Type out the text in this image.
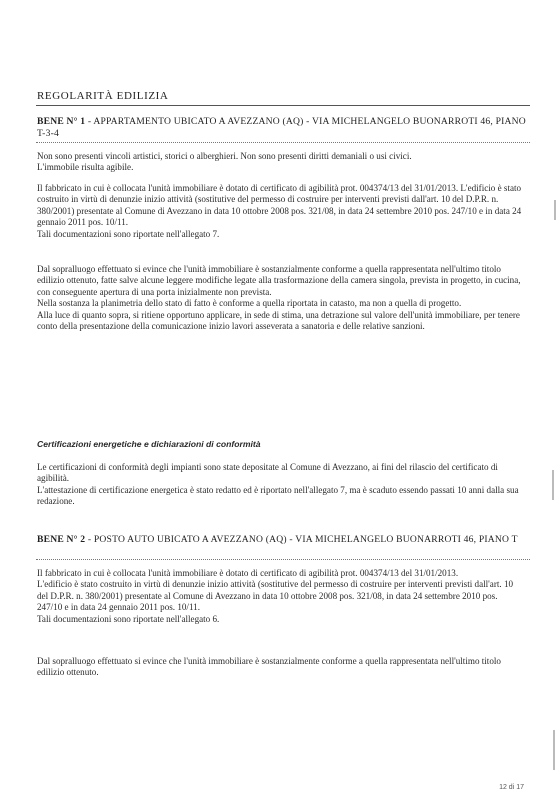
REGOLARITÀ EDILIZIA
BENE N° 1 - APPARTAMENTO UBICATO A AVEZZANO (AQ) - VIA MICHELANGELO BUONARROTI 46, PIANO T-3-4

Non sono presenti vincoli artistici, storici o alberghieri. Non sono presenti diritti demaniali o usi civici.

L'immobile risulta agibile.

Il fabbricato in cui è collocata l'unità immobiliare è dotato di certificato di agibilità prot. 004374/13 del 31/01/2013. L'edificio è stato costruito in virtù di denunzie inizio attività (sostitutive del permesso di costruire per interventi previsti dall'art. 10 del D.P.R. n. 380/2001) presentate al Comune di Avezzano in data 10 ottobre 2008 pos. 321/08, in data 24 settembre 2010 pos. 247/10 e in data 24 gennaio 2011 pos. 10/11.

Tali documentazioni sono riportate nell'allegato 7.

Dal sopralluogo effettuato si evince che l'unità immobiliare è sostanzialmente conforme a quella rappresentata nell'ultimo titolo edilizio ottenuto, fatte salve alcune leggere modifiche legate alla trasformazione della camera singola, prevista in progetto, in cucina, con conseguente apertura di una porta inizialmente non prevista.

Nella sostanza la planimetria dello stato di fatto è conforme a quella riportata in catasto, ma non a quella di progetto.

Alla luce di quanto sopra, si ritiene opportuno applicare, in sede di stima, una detrazione sul valore dell'unità immobiliare, per tenere conto della presentazione della comunicazione inizio lavori asseverata a sanatoria e delle relative sanzioni.

Certificazioni energetiche e dichiarazioni di conformità

Le certificazioni di conformità degli impianti sono state depositate al Comune di Avezzano, ai fini del rilascio del certificato di agibilità.

L'attestazione di certificazione energetica è stato redatto ed è riportato nell'allegato 7, ma è scaduto essendo passati 10 anni dalla sua redazione.

BENE N° 2 - POSTO AUTO UBICATO A AVEZZANO (AQ) - VIA MICHELANGELO BUONARROTI 46, PIANO T

Il fabbricato in cui è collocata l'unità immobiliare è dotato di certificato di agibilità prot. 004374/13 del 31/01/2013.

L'edificio è stato costruito in virtù di denunzie inizio attività (sostitutive del permesso di costruire per interventi previsti dall'art. 10 del D.P.R. n. 380/2001) presentate al Comune di Avezzano in data 10 ottobre 2008 pos. 321/08, in data 24 settembre 2010 pos. 247/10 e in data 24 gennaio 2011 pos. 10/11.

Tali documentazioni sono riportate nell'allegato 6.

Dal sopralluogo effettuato si evince che l'unità immobiliare è sostanzialmente conforme a quella rappresentata nell'ultimo titolo edilizio ottenuto.

12 di 17
